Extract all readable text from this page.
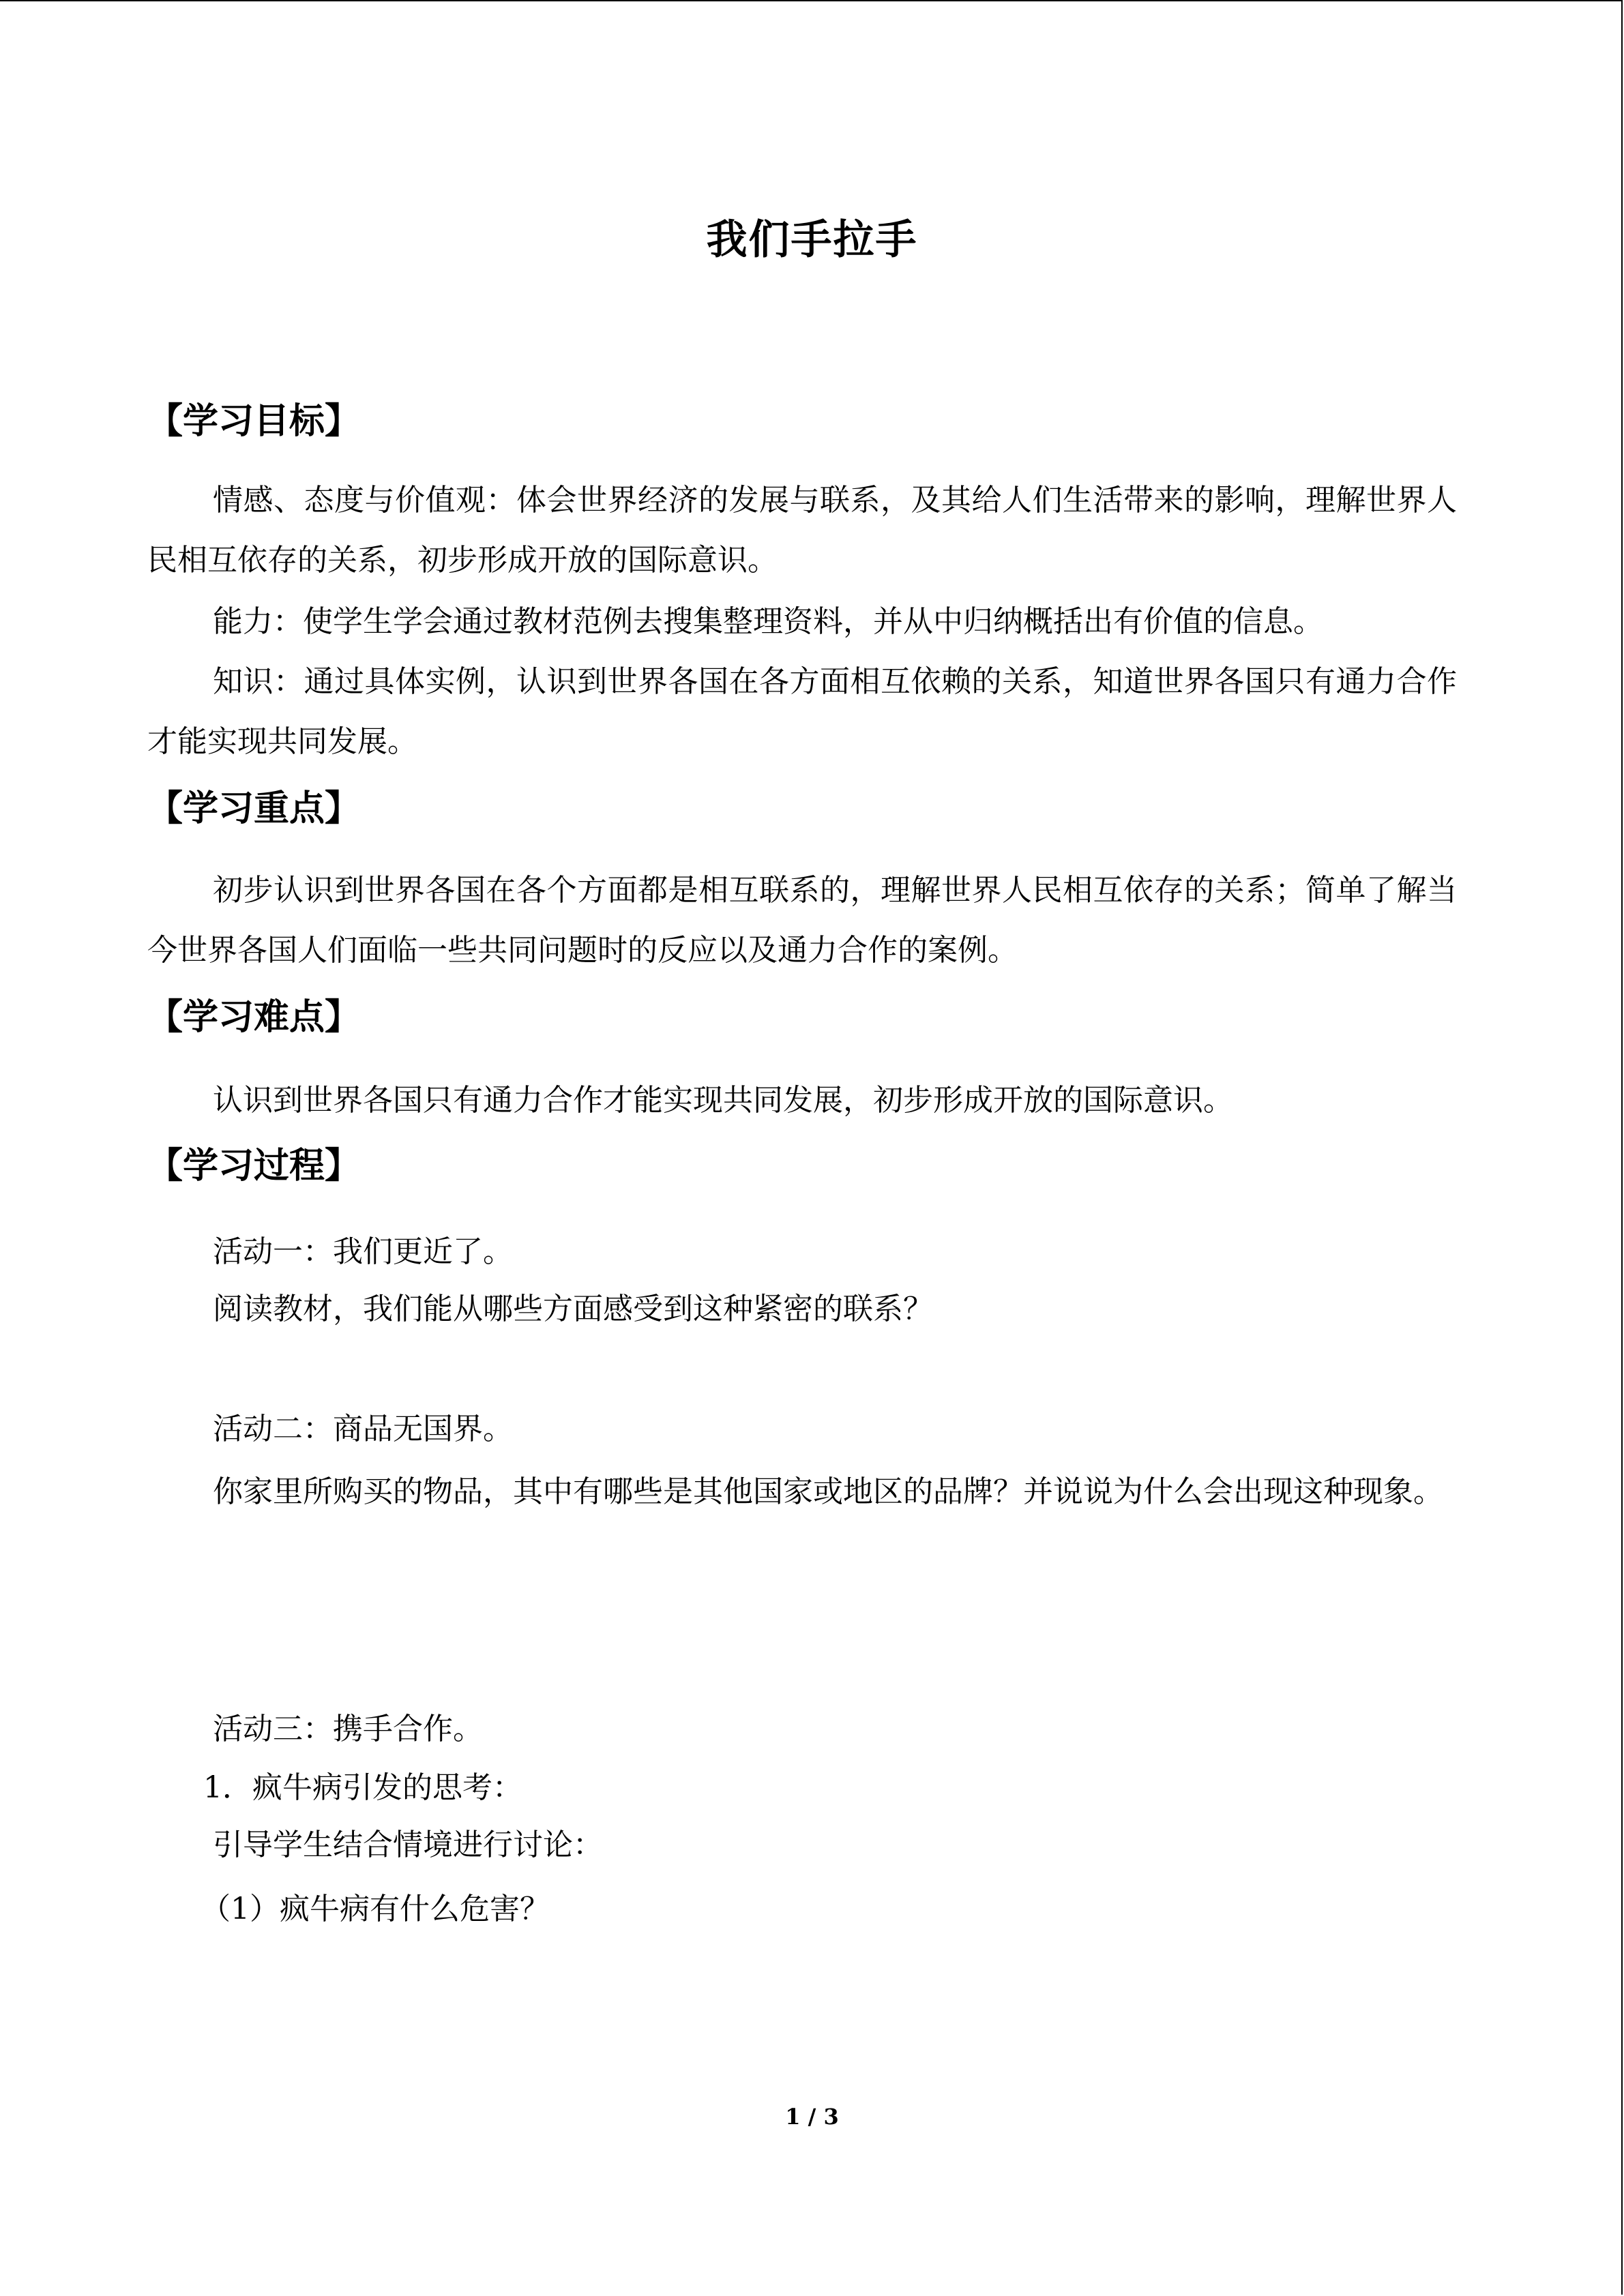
我们手拉手
【学习目标】
情感、态度与价值观：体会世界经济的发展与联系，及其给人们生活带来的影响，理解世界人民相互依存的关系，初步形成开放的国际意识。
能力：使学生学会通过教材范例去搜集整理资料，并从中归纳概括出有价值的信息。
知识：通过具体实例，认识到世界各国在各方面相互依赖的关系，知道世界各国只有通力合作才能实现共同发展。
【学习重点】
初步认识到世界各国在各个方面都是相互联系的，理解世界人民相互依存的关系；简单了解当今世界各国人们面临一些共同问题时的反应以及通力合作的案例。
【学习难点】
认识到世界各国只有通力合作才能实现共同发展，初步形成开放的国际意识。
【学习过程】
活动一：我们更近了。
阅读教材，我们能从哪些方面感受到这种紧密的联系？
活动二：商品无国界。
你家里所购买的物品，其中有哪些是其他国家或地区的品牌？并说说为什么会出现这种现象。
活动三：携手合作。
1．疯牛病引发的思考：
引导学生结合情境进行讨论：
（1）疯牛病有什么危害？
1 / 3
